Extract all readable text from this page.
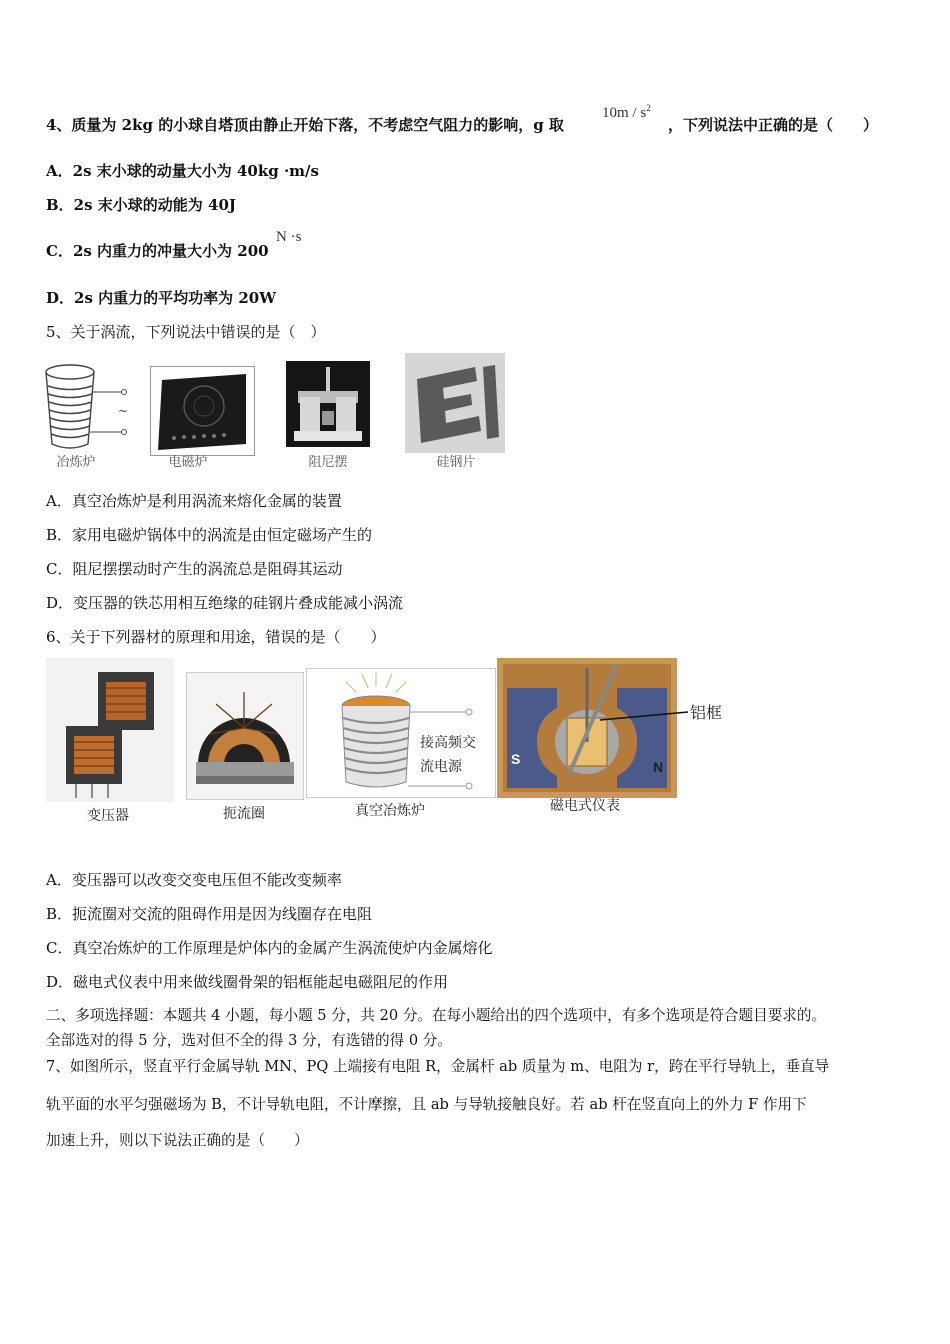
4、质量为 2kg 的小球自塔顶由静止开始下落，不考虑空气阻力的影响，g 取
$10m / s^2$
，下列说法中正确的是（　　）
A．2s 末小球的动量大小为 40kg ·m/s
B．2s 末小球的动能为 40J
C．2s 内重力的冲量大小为 200
N ·s
D．2s 内重力的平均功率为 20W
5、关于涡流，下列说法中错误的是（　）
~
冶炼炉	电磁炉	阻尼摆	硅钢片
A．真空冶炼炉是利用涡流来熔化金属的装置
B．家用电磁炉锅体中的涡流是由恒定磁场产生的
C．阻尼摆摆动时产生的涡流总是阻碍其运动
D．变压器的铁芯用相互绝缘的硅钢片叠成能减小涡流
6、关于下列器材的原理和用途，错误的是（　　）
变压器	扼流圈
接高频交
流电源
真空冶炼炉
S	N
铝框
磁电式仪表
A．变压器可以改变交变电压但不能改变频率
B．扼流圈对交流的阻碍作用是因为线圈存在电阻
C．真空冶炼炉的工作原理是炉体内的金属产生涡流使炉内金属熔化
D．磁电式仪表中用来做线圈骨架的铝框能起电磁阻尼的作用
二、多项选择题：本题共 4 小题，每小题 5 分，共 20 分。在每小题给出的四个选项中，有多个选项是符合题目要求的。
全部选对的得 5 分，选对但不全的得 3 分，有选错的得 0 分。
7、如图所示，竖直平行金属导轨 MN、PQ 上端接有电阻 R，金属杆 ab 质量为 m、电阻为 r，跨在平行导轨上，垂直导
轨平面的水平匀强磁场为 B，不计导轨电阻，不计摩擦，且 ab 与导轨接触良好。若 ab 杆在竖直向上的外力 F 作用下
加速上升，则以下说法正确的是（　　）
